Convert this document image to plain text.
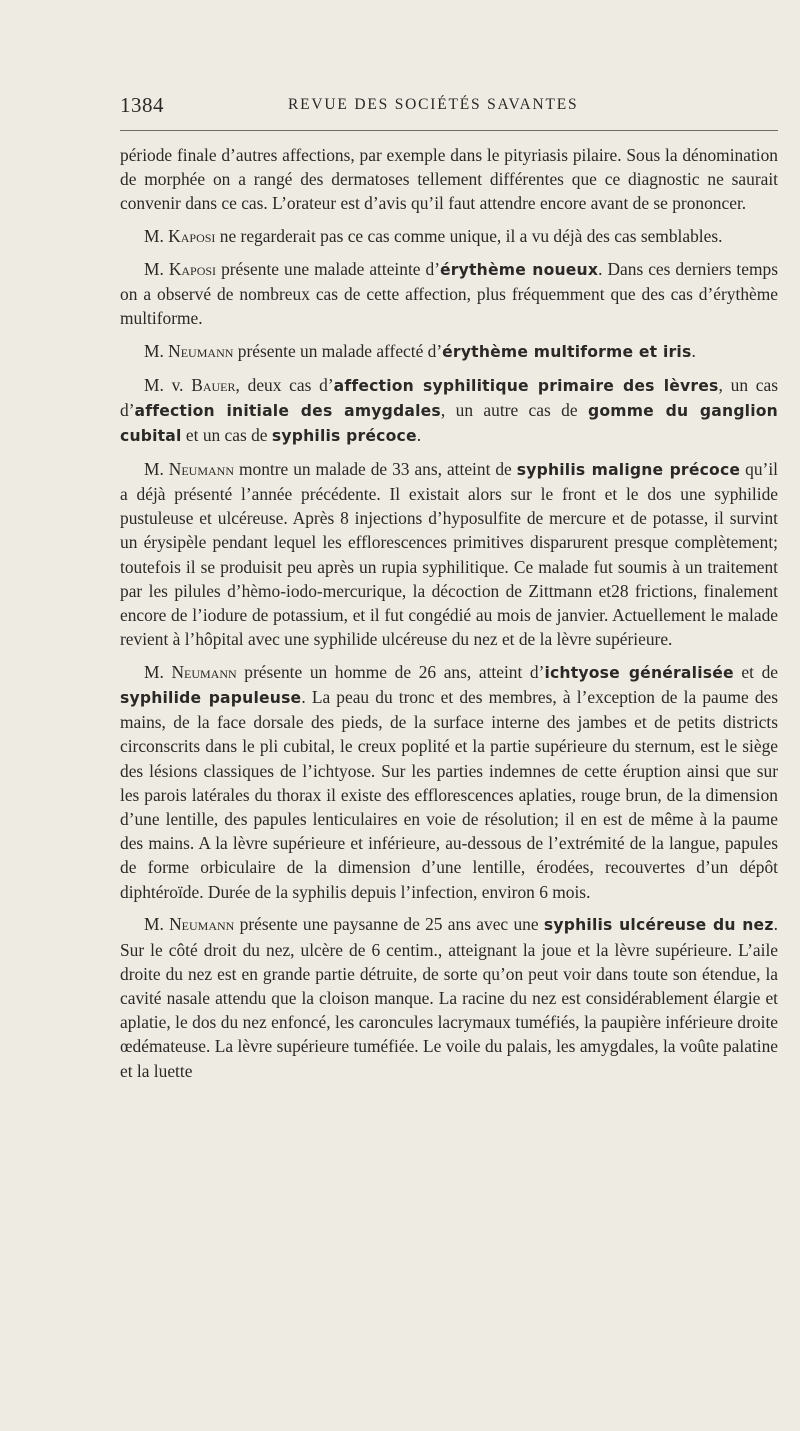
1384	REVUE DES SOCIÉTÉS SAVANTES

période finale d’autres affections, par exemple dans le pityriasis pilaire. Sous la dénomination de morphée on a rangé des dermatoses tellement différentes que ce diagnostic ne saurait convenir dans ce cas. L’orateur est d’avis qu’il faut attendre encore avant de se prononcer.

M. Kaposi ne regarderait pas ce cas comme unique, il a vu déjà des cas semblables.

M. Kaposi présente une malade atteinte d’érythème noueux. Dans ces derniers temps on a observé de nombreux cas de cette affection, plus fréquemment que des cas d’érythème multiforme.

M. Neumann présente un malade affecté d’érythème multiforme et iris.

M. v. Bauer, deux cas d’affection syphilitique primaire des lèvres, un cas d’affection initiale des amygdales, un autre cas de gomme du ganglion cubital et un cas de syphilis précoce.

M. Neumann montre un malade de 33 ans, atteint de syphilis maligne précoce qu’il a déjà présenté l’année précédente. Il existait alors sur le front et le dos une syphilide pustuleuse et ulcéreuse. Après 8 injections d’hyposulfite de mercure et de potasse, il survint un érysipèle pendant lequel les efflorescences primitives disparurent presque complètement; toutefois il se produisit peu après un rupia syphilitique. Ce malade fut soumis à un traitement par les pilules d’hèmo-iodo-mercurique, la décoction de Zittmann et28 frictions, finalement encore de l’iodure de potassium, et il fut congédié au mois de janvier. Actuellement le malade revient à l’hôpital avec une syphilide ulcéreuse du nez et de la lèvre supérieure.

M. Neumann présente un homme de 26 ans, atteint d’ichtyose généralisée et de syphilide papuleuse. La peau du tronc et des membres, à l’exception de la paume des mains, de la face dorsale des pieds, de la surface interne des jambes et de petits districts circonscrits dans le pli cubital, le creux poplité et la partie supérieure du sternum, est le siège des lésions classiques de l’ichtyose. Sur les parties indemnes de cette éruption ainsi que sur les parois latérales du thorax il existe des efflorescences aplaties, rouge brun, de la dimension d’une lentille, des papules lenticulaires en voie de résolution; il en est de même à la paume des mains. A la lèvre supérieure et inférieure, au-dessous de l’extrémité de la langue, papules de forme orbiculaire de la dimension d’une lentille, érodées, recouvertes d’un dépôt diphtéroïde. Durée de la syphilis depuis l’infection, environ 6 mois.

M. Neumann présente une paysanne de 25 ans avec une syphilis ulcéreuse du nez. Sur le côté droit du nez, ulcère de 6 centim., atteignant la joue et la lèvre supérieure. L’aile droite du nez est en grande partie détruite, de sorte qu’on peut voir dans toute son étendue, la cavité nasale attendu que la cloison manque. La racine du nez est considérablement élargie et aplatie, le dos du nez enfoncé, les caroncules lacrymaux tuméfiés, la paupière inférieure droite œdémateuse. La lèvre supérieure tuméfiée. Le voile du palais, les amygdales, la voûte palatine et la luette
